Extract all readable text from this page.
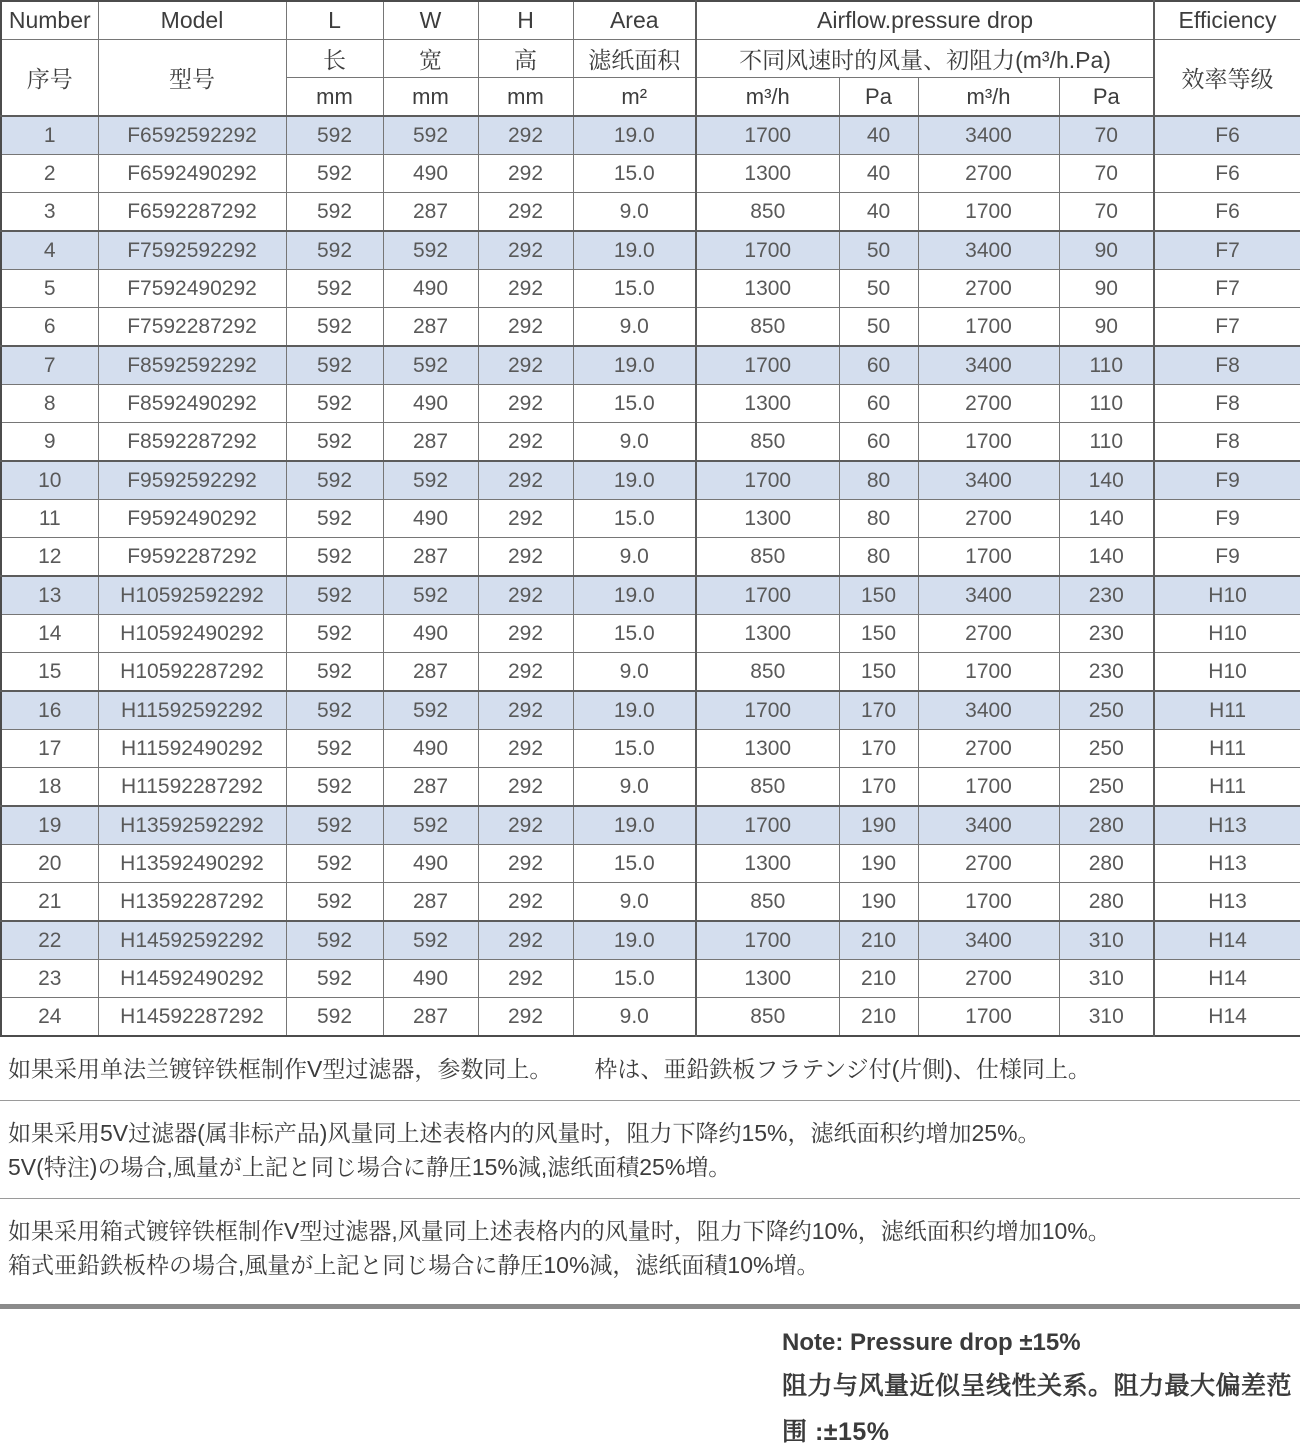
Number	Model	L	W	H	Area	Airflow.pressure drop				Efficiency
序号	型号	长	宽	高	滤纸面积	不同风速时的风量、初阻力(m³/h.Pa)				效率等级
		mm	mm	mm	m²	m³/h	Pa	m³/h	Pa	
1	F6592592292	592	592	292	19.0	1700	40	3400	70	F6
2	F6592490292	592	490	292	15.0	1300	40	2700	70	F6
3	F6592287292	592	287	292	9.0	850	40	1700	70	F6
4	F7592592292	592	592	292	19.0	1700	50	3400	90	F7
5	F7592490292	592	490	292	15.0	1300	50	2700	90	F7
6	F7592287292	592	287	292	9.0	850	50	1700	90	F7
7	F8592592292	592	592	292	19.0	1700	60	3400	110	F8
8	F8592490292	592	490	292	15.0	1300	60	2700	110	F8
9	F8592287292	592	287	292	9.0	850	60	1700	110	F8
10	F9592592292	592	592	292	19.0	1700	80	3400	140	F9
11	F9592490292	592	490	292	15.0	1300	80	2700	140	F9
12	F9592287292	592	287	292	9.0	850	80	1700	140	F9
13	H10592592292	592	592	292	19.0	1700	150	3400	230	H10
14	H10592490292	592	490	292	15.0	1300	150	2700	230	H10
15	H10592287292	592	287	292	9.0	850	150	1700	230	H10
16	H11592592292	592	592	292	19.0	1700	170	3400	250	H11
17	H11592490292	592	490	292	15.0	1300	170	2700	250	H11
18	H11592287292	592	287	292	9.0	850	170	1700	250	H11
19	H13592592292	592	592	292	19.0	1700	190	3400	280	H13
20	H13592490292	592	490	292	15.0	1300	190	2700	280	H13
21	H13592287292	592	287	292	9.0	850	190	1700	280	H13
22	H14592592292	592	592	292	19.0	1700	210	3400	310	H14
23	H14592490292	592	490	292	15.0	1300	210	2700	310	H14
24	H14592287292	592	287	292	9.0	850	210	1700	310	H14
如果采用单法兰镀锌铁框制作V型过滤器，参数同上。 枠は、亜鉛鉄板フラテンジ付(片側)、仕様同上。
如果采用5V过滤器(属非标产品)风量同上述表格内的风量时，阻力下降约15%，滤纸面积约增加25%。
5V(特注)の場合,風量が上記と同じ場合に静圧15%減,滤纸面積25%増。
如果采用箱式镀锌铁框制作V型过滤器,风量同上述表格内的风量时，阻力下降约10%，滤纸面积约增加10%。
箱式亜鉛鉄板枠の場合,風量が上記と同じ場合に静圧10%減，滤纸面積10%増。
Note: Pressure drop ±15%
阻力与风量近似呈线性关系。阻力最大偏差范围 :±15%
